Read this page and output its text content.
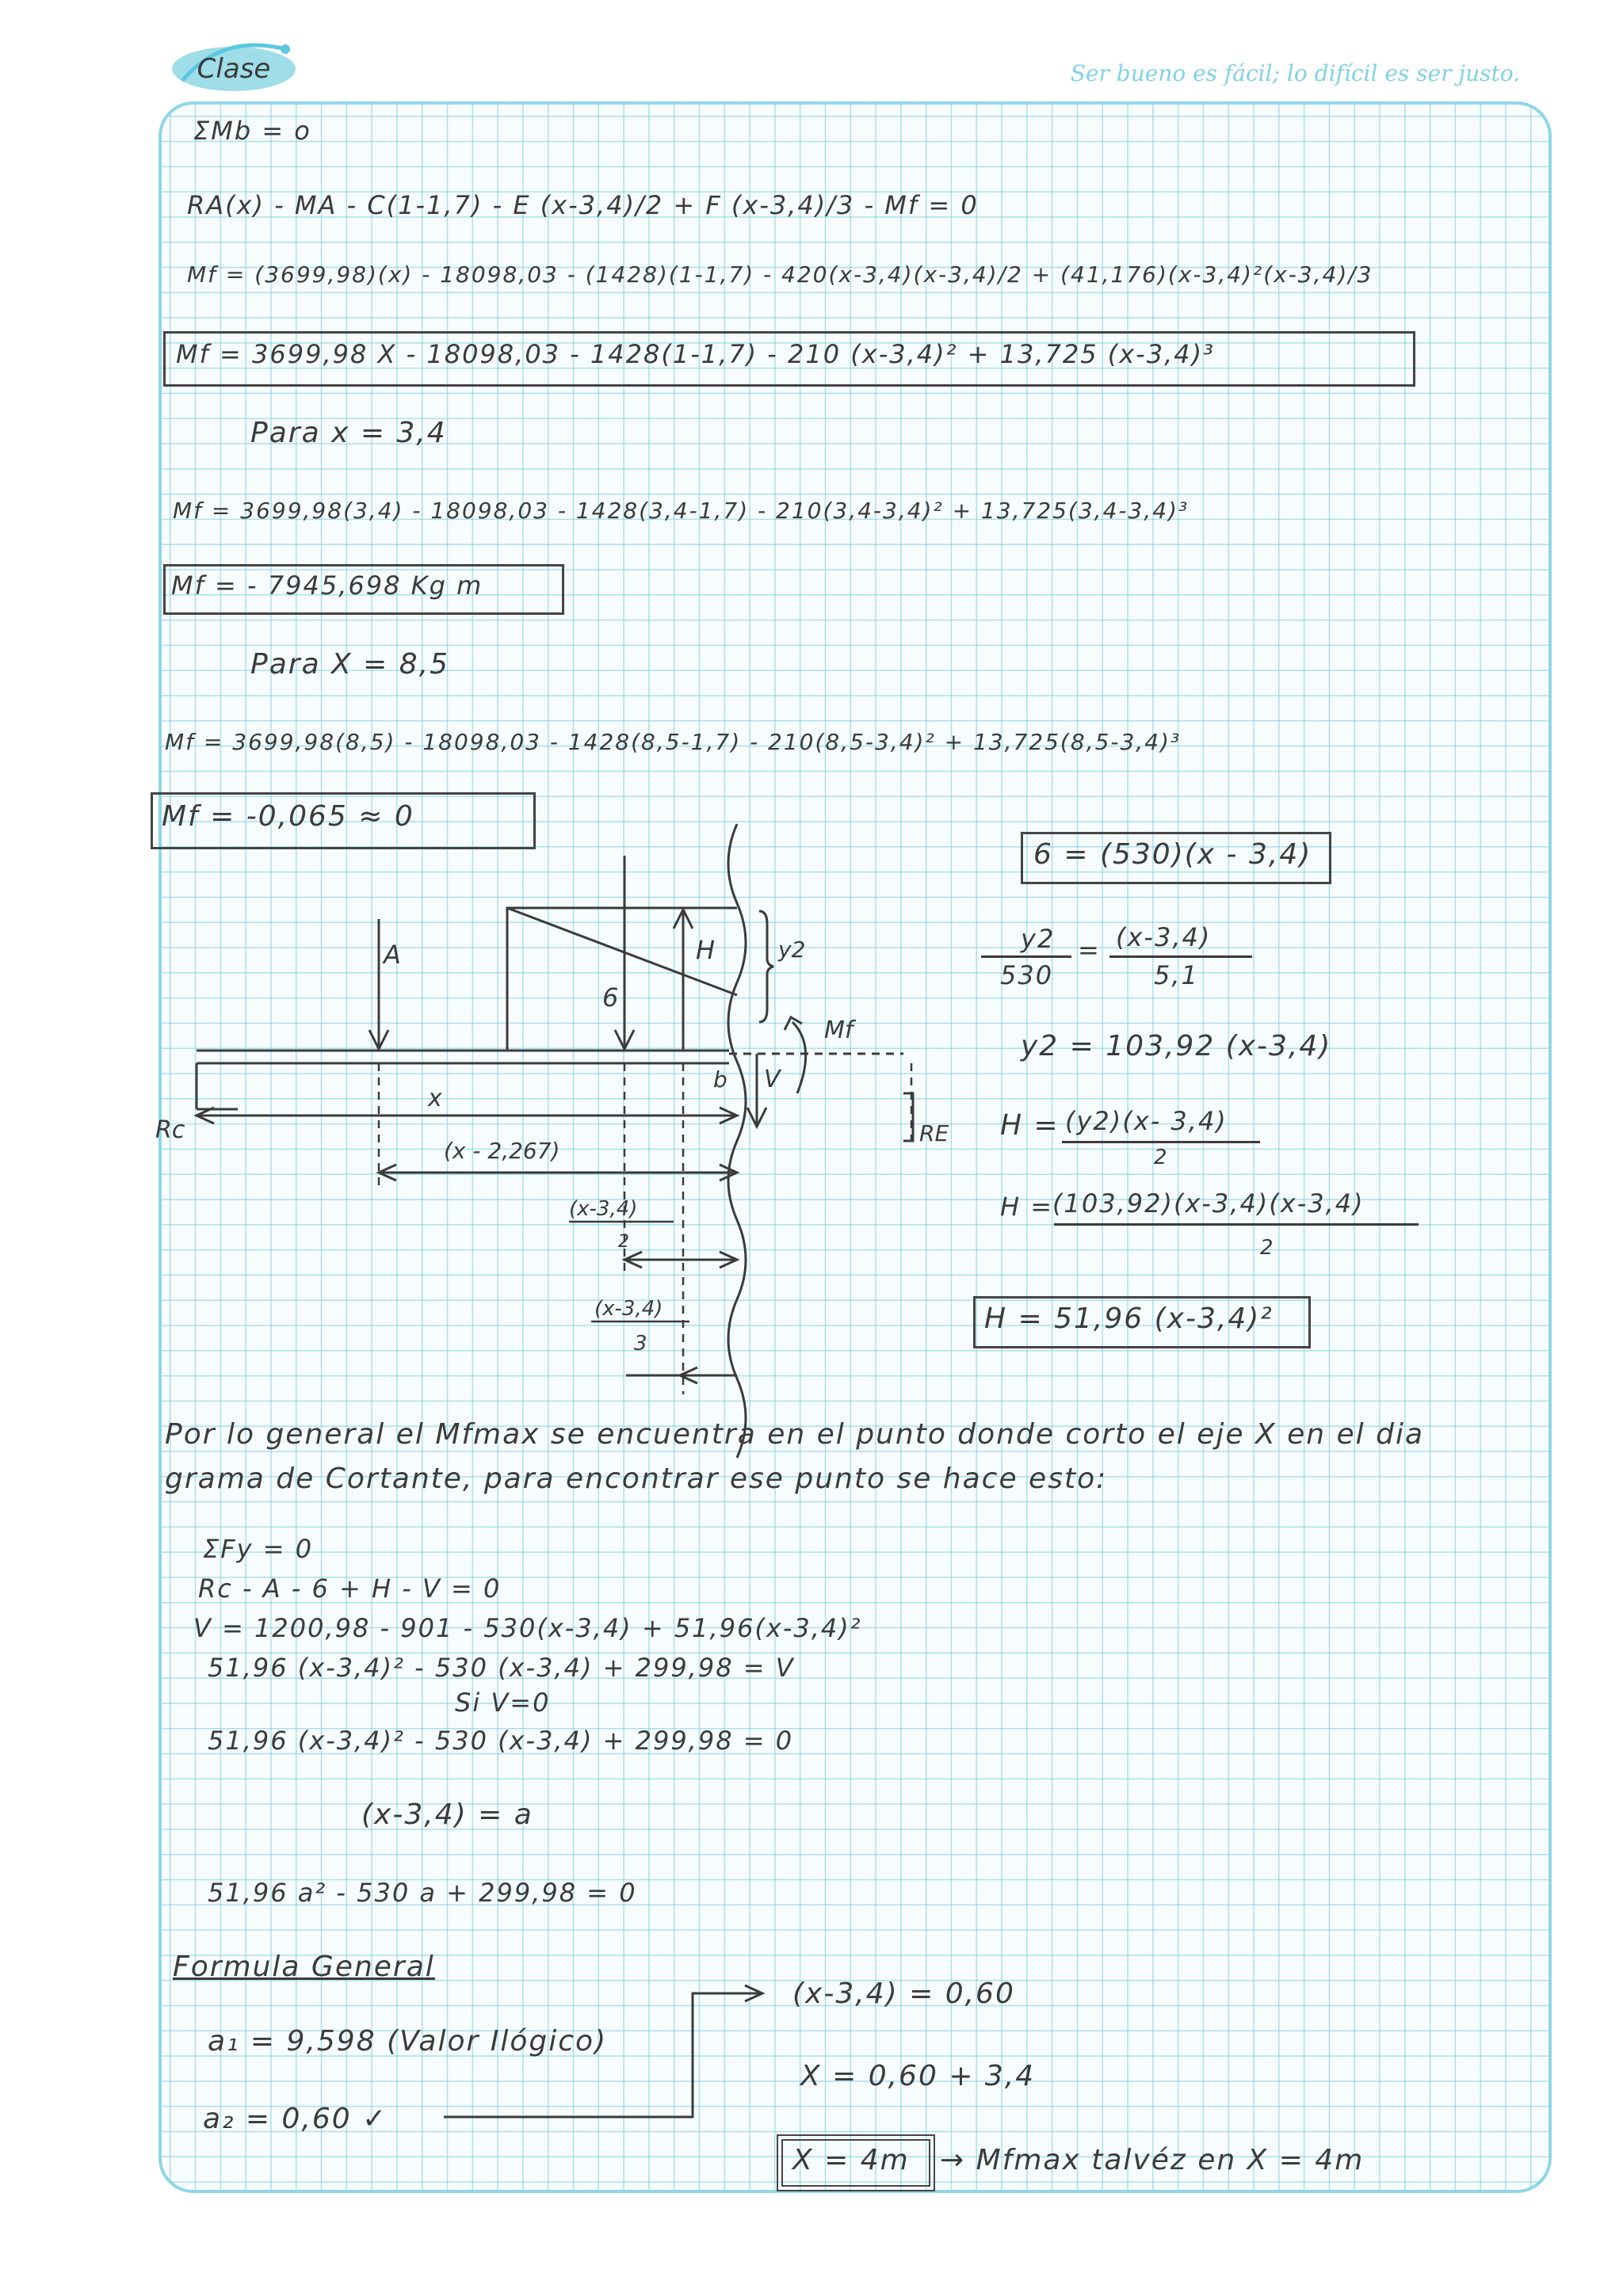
Clase	Ser bueno es fácil; lo difícil es ser justo.
ΣMb = o
RA(x) - MA - C(1-1,7) - E (x-3,4)/2 + F (x-3,4)/3 - Mf = 0
Mf = (3699,98)(x) - 18098,03 - (1428)(1-1,7) - 420(x-3,4)(x-3,4)/2 + (41,176)(x-3,4)²(x-3,4)/3
Mf = 3699,98 X - 18098,03 - 1428(1-1,7) - 210 (x-3,4)² + 13,725 (x-3,4)³
Para x = 3,4
Mf = 3699,98(3,4) - 18098,03 - 1428(3,4-1,7) - 210(3,4-3,4)² + 13,725(3,4-3,4)³
Mf = - 7945,698 Kg m
Para X = 8,5
Mf = 3699,98(8,5) - 18098,03 - 1428(8,5-1,7) - 210(8,5-3,4)² + 13,725(8,5-3,4)³
Mf = -0,065 ≈ 0
A
6
H	y2
Mf
V
b
Rc	RE
x
(x - 2,267)
(x-3,4)
2
(x-3,4)
3
6 = (530)(x - 3,4)
y2
530
= (x-3,4)
5,1
y2 = 103,92 (x-3,4)
H = (y2)(x- 3,4)
2
H =
(103,92)(x-3,4)(x-3,4)
2
H = 51,96 (x-3,4)²
Por lo general el Mfmax se encuentra en el punto donde corto el eje X en el dia
grama de Cortante, para encontrar ese punto se hace esto:
ΣFy = 0
Rc - A - 6 + H - V = 0
V = 1200,98 - 901 - 530(x-3,4) + 51,96(x-3,4)²
51,96 (x-3,4)² - 530 (x-3,4) + 299,98 = V
Si V=0
51,96 (x-3,4)² - 530 (x-3,4) + 299,98 = 0
(x-3,4) = a
51,96 a² - 530 a + 299,98 = 0
Formula General
a₁ = 9,598 (Valor Ilógico)
a₂ = 0,60 ✓
(x-3,4) = 0,60
X = 0,60 + 3,4
X = 4m → Mfmax talvéz en X = 4m
